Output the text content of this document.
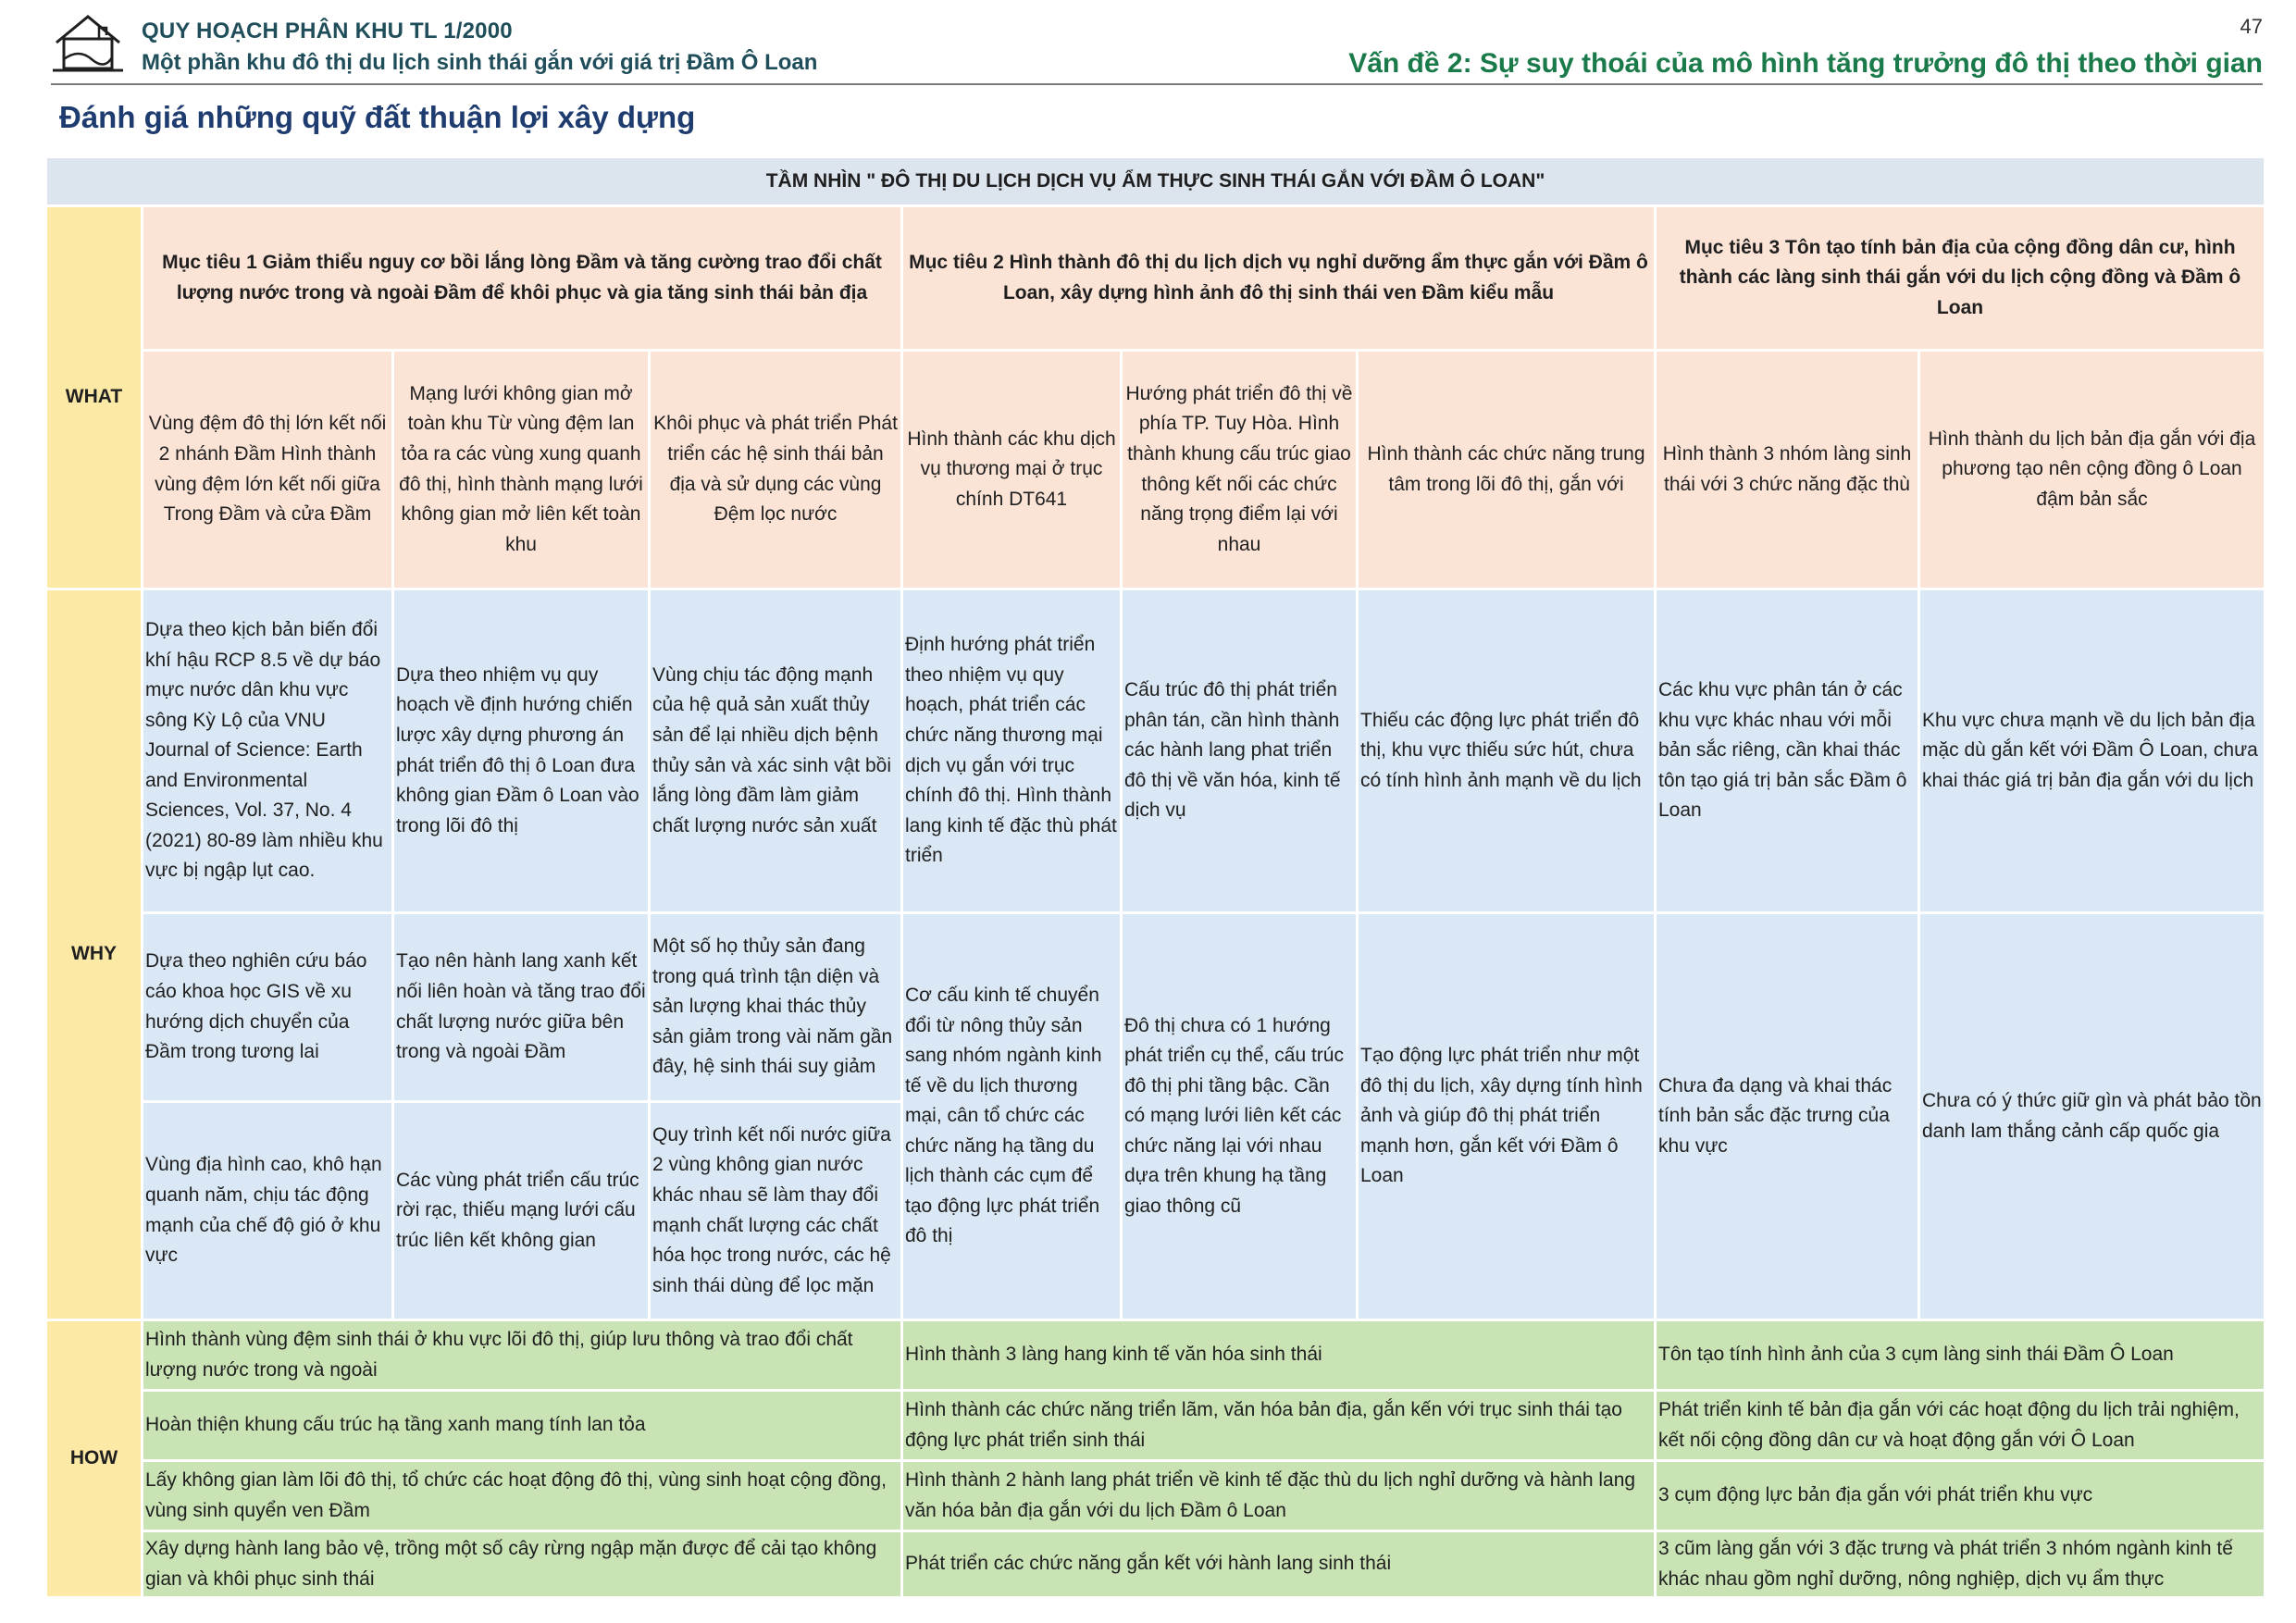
QUY HOẠCH PHÂN KHU TL 1/2000
Một phần khu đô thị du lịch sinh thái gắn với giá trị Đầm Ô Loan
47
Vấn đề 2: Sự suy thoái của mô hình tăng trưởng đô thị theo thời gian
Đánh giá những quỹ đất thuận lợi xây dựng
TẦM NHÌN " ĐÔ THỊ DU LỊCH DỊCH VỤ ẨM THỰC SINH THÁI GẮN VỚI ĐẦM Ô LOAN"								
WHAT	Mục tiêu 1 Giảm thiểu nguy cơ bồi lắng lòng Đầm và tăng cường trao đổi chất lượng nước trong và ngoài Đầm để khôi phục và gia tăng sinh thái bản địa			Mục tiêu 2 Hình thành đô thị du lịch dịch vụ nghỉ dưỡng ẩm thực gắn với Đầm ô Loan, xây dựng hình ảnh đô thị sinh thái ven Đầm kiểu mẫu			Mục tiêu 3 Tôn tạo tính bản địa của cộng đồng dân cư, hình thành các làng sinh thái gắn với du lịch cộng đồng và Đầm ô Loan	
	Vùng đệm đô thị lớn kết nối 2 nhánh Đầm Hình thành vùng đệm lớn kết nối giữa Trong Đầm và cửa Đầm	Mạng lưới không gian mở toàn khu Từ vùng đệm lan tỏa ra các vùng xung quanh đô thị, hình thành mạng lưới không gian mở liên kết toàn khu	Khôi phục và phát triển Phát triển các hệ sinh thái bản địa và sử dụng các vùng Đệm lọc nước	Hình thành các khu dịch vụ thương mại ở trục chính DT641	Hướng phát triển đô thị về phía TP. Tuy Hòa. Hình thành khung cấu trúc giao thông kết nối các chức năng trọng điểm lại với nhau	Hình thành các chức năng trung tâm trong lõi đô thị, gắn với	Hình thành 3 nhóm làng sinh thái với 3 chức năng đặc thù	Hình thành du lịch bản địa gắn với địa phương tạo nên cộng đồng ô Loan đậm bản sắc
WHY	Dựa theo kịch bản biến đổi khí hậu RCP 8.5 về dự báo mực nước dân khu vực sông Kỳ Lộ của VNU Journal of Science: Earth and Environmental Sciences, Vol. 37, No. 4 (2021) 80-89 làm nhiều khu vực bị ngập lụt cao.	Dựa theo nhiệm vụ quy hoạch về định hướng chiến lược xây dựng phương án phát triển đô thị ô Loan đưa không gian Đầm ô Loan vào trong lõi đô thị	Vùng chịu tác động mạnh của hệ quả sản xuất thủy sản để lại nhiều dịch bệnh thủy sản và xác sinh vật bồi lắng lòng đầm làm giảm chất lượng nước sản xuất	Định hướng phát triển theo nhiệm vụ quy hoạch, phát triển các chức năng thương mại dịch vụ gắn với trục chính đô thị. Hình thành lang kinh tế đặc thù phát triển	Cấu trúc đô thị phát triển phân tán, cần hình thành các hành lang phat triển đô thị về văn hóa, kinh tế dịch vụ	Thiếu các động lực phát triển đô thị, khu vực thiếu sức hút, chưa có tính hình ảnh mạnh về du lịch	Các khu vực phân tán ở các khu vực khác nhau với mỗi bản sắc riêng, cần khai thác tôn tạo giá trị bản sắc Đầm ô Loan	Khu vực chưa mạnh về du lịch bản địa mặc dù gắn kết với Đầm Ô Loan, chưa khai thác giá trị bản địa gắn với du lịch
	Dựa theo nghiên cứu báo cáo khoa học GIS về xu hướng dịch chuyển của Đầm trong tương lai	Tạo nên hành lang xanh kết nối liên hoàn và tăng trao đổi chất lượng nước giữa bên trong và ngoài Đầm	Một số họ thủy sản đang trong quá trình tận diện và sản lượng khai thác thủy sản giảm trong vài năm gần đây, hệ sinh thái suy giảm	Cơ cấu kinh tế chuyển đổi từ nông thủy sản sang nhóm ngành kinh tế về du lịch thương mại, cân tổ chức các chức năng hạ tầng du lịch thành các cụm để tạo động lực phát triển đô thị	Đô thị chưa có 1 hướng phát triển cụ thể, cấu trúc đô thị phi tầng bậc. Cần có mạng lưới liên kết các chức năng lại với nhau dựa trên khung hạ tầng giao thông cũ	Tạo động lực phát triển như một đô thị du lịch, xây dựng tính hình ảnh và giúp đô thị phát triển mạnh hơn, gắn kết với Đầm ô Loan	Chưa đa dạng và khai thác tính bản sắc đặc trưng của khu vực	Chưa có ý thức giữ gìn và phát bảo tồn danh lam thắng cảnh cấp quốc gia
	Vùng địa hình cao, khô hạn quanh năm, chịu tác động mạnh của chế độ gió ở khu vực	Các vùng phát triển cấu trúc rời rạc, thiếu mạng lưới cấu trúc liên kết không gian	Quy trình kết nối nước giữa 2 vùng không gian nước khác nhau sẽ làm thay đổi mạnh chất lượng các chất hóa học trong nước, các hệ sinh thái dùng để lọc mặn					
HOW	Hình thành vùng đệm sinh thái ở khu vực lõi đô thị, giúp lưu thông và trao đổi chất lượng nước trong và ngoài			Hình thành 3 làng hang kinh tế văn hóa sinh thái			Tôn tạo tính hình ảnh của 3 cụm làng sinh thái Đầm Ô Loan	
	Hoàn thiện khung cấu trúc hạ tầng xanh mang tính lan tỏa			Hình thành các chức năng triển lãm, văn hóa bản địa, gắn kến với trục sinh thái tạo động lực phát triển sinh thái			Phát triển kinh tế bản địa gắn với các hoạt động du lịch trải nghiệm, kết nối cộng đồng dân cư và hoạt động gắn với Ô Loan	
	Lấy không gian làm lõi đô thị, tổ chức các hoạt động đô thị, vùng sinh hoạt cộng đồng, vùng sinh quyển ven Đầm			Hình thành 2 hành lang phát triển về kinh tế đặc thù du lịch nghỉ dưỡng và hành lang văn hóa bản địa gắn với du lịch Đầm ô Loan			3 cụm động lực bản địa gắn với phát triển khu vực	
	Xây dựng hành lang bảo vệ, trồng một số cây rừng ngập mặn được để cải tạo không gian và khôi phục sinh thái			Phát triển các chức năng gắn kết với hành lang sinh thái			3 cũm làng gắn với 3 đặc trưng và phát triển 3 nhóm ngành kinh tế khác nhau gồm nghỉ dưỡng, nông nghiệp, dịch vụ ẩm thực	
